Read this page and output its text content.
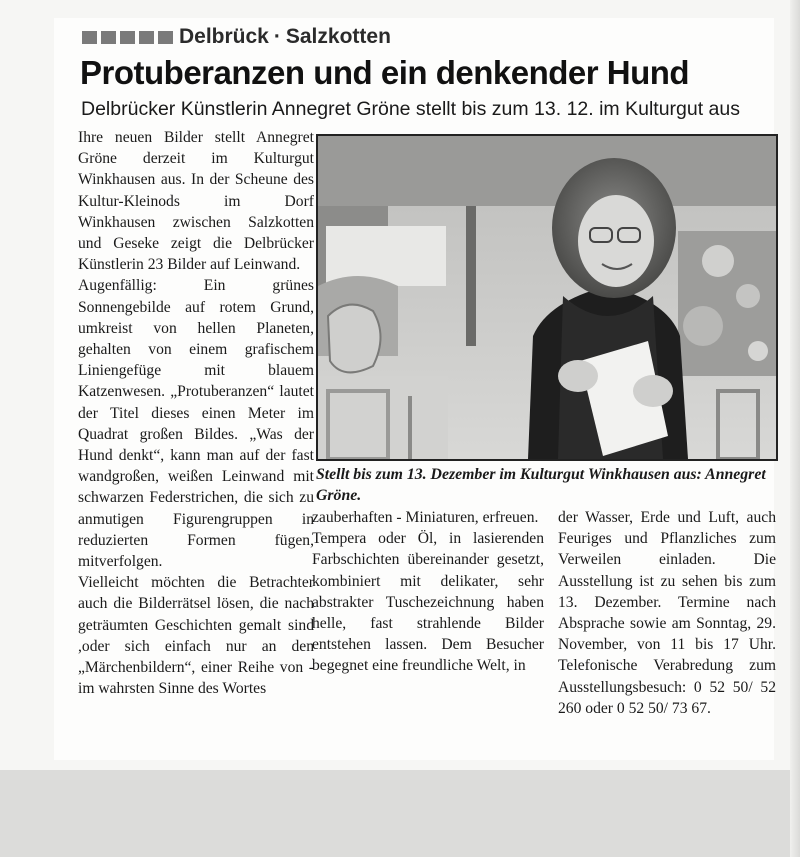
Delbrück · Salzkotten
Protuberanzen und ein denkender Hund
Delbrücker Künstlerin Annegret Gröne stellt bis zum 13. 12. im Kulturgut aus

Ihre neuen Bilder stellt Annegret Gröne derzeit im Kulturgut Winkhausen aus. In der Scheune des Kultur-Kleinods im Dorf Winkhausen zwischen Salzkotten und Geseke zeigt die Delbrücker Künstlerin 23 Bilder auf Leinwand.

Augenfällig: Ein grünes Sonnengebilde auf rotem Grund, umkreist von hellen Planeten, gehalten von einem grafischem Liniengefüge mit blauem Katzenwesen. „Protuberanzen“ lautet der Titel dieses einen Meter im Quadrat großen Bildes. „Was der Hund denkt“, kann man auf der fast wandgroßen, weißen Leinwand mit schwarzen Federstrichen, die sich zu anmutigen Figurengruppen in reduzierten Formen fügen, mitverfolgen.

Vielleicht möchten die Betrachter auch die Bilderrätsel lösen, die nach geträumten Geschichten gemalt sind ,oder sich einfach nur an den „Märchenbildern“, einer Reihe von - im wahrsten Sinne des Wortes

Stellt bis zum 13. Dezember im Kulturgut Winkhausen aus: Annegret Gröne.

zauberhaften - Miniaturen, erfreuen.

Tempera oder Öl, in lasierenden Farbschichten übereinander gesetzt, kombiniert mit delikater, sehr abstrakter Tuschezeichnung haben helle, fast strahlende Bilder entstehen lassen. Dem Besucher begegnet eine freundliche Welt, in

der Wasser, Erde und Luft, auch Feuriges und Pflanzliches zum Verweilen einladen. Die Ausstellung ist zu sehen bis zum 13. Dezember. Termine nach Absprache sowie am Sonntag, 29. November, von 11 bis 17 Uhr. Telefonische Verabredung zum Ausstellungsbesuch: 0 52 50/ 52 260 oder 0 52 50/ 73 67.
